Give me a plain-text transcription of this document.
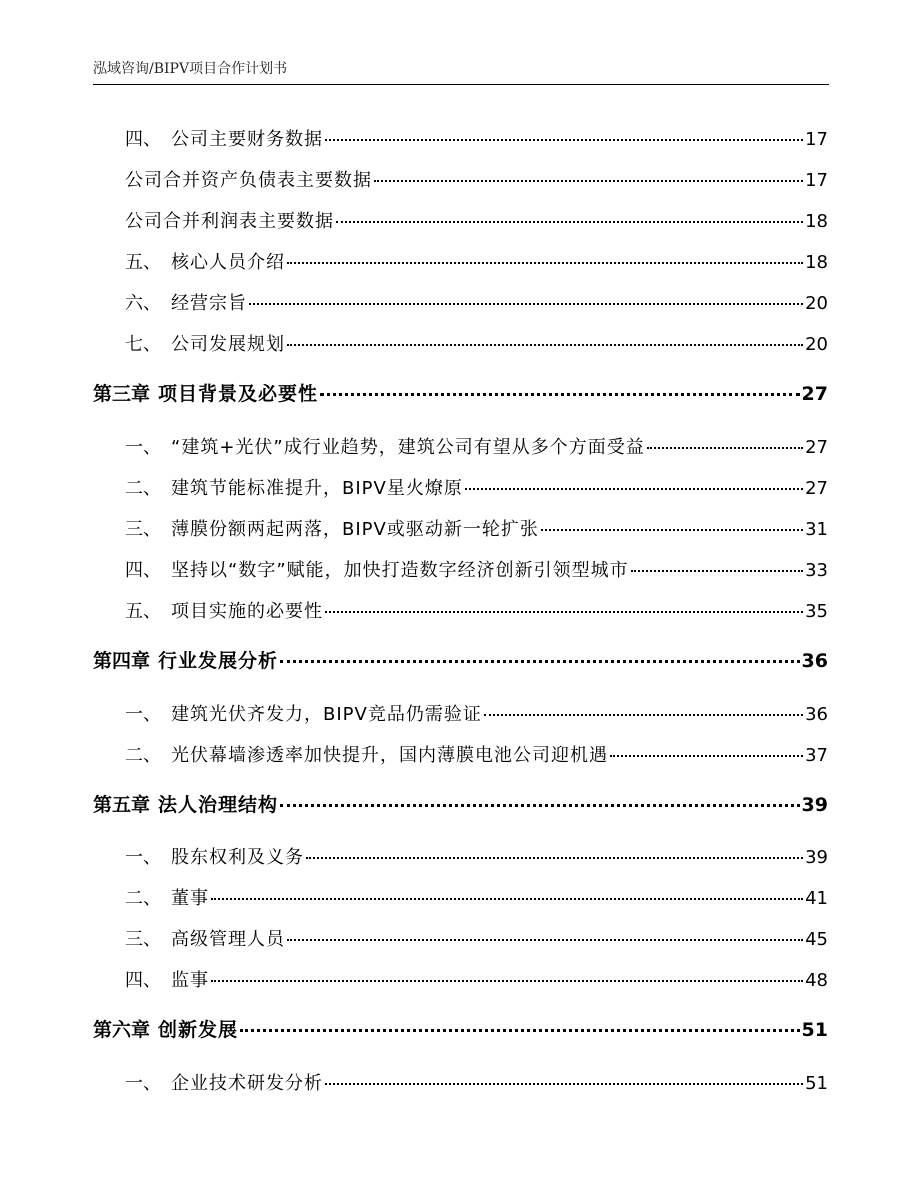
泓域咨询/BIPV项目合作计划书
四、 公司主要财务数据	17
公司合并资产负债表主要数据	17
公司合并利润表主要数据	18
五、 核心人员介绍	18
六、 经营宗旨	20
七、 公司发展规划	20
第三章 项目背景及必要性	27
一、 “建筑+光伏”成行业趋势，建筑公司有望从多个方面受益	27
二、 建筑节能标准提升，BIPV星火燎原	27
三、 薄膜份额两起两落，BIPV或驱动新一轮扩张	31
四、 坚持以“数字”赋能，加快打造数字经济创新引领型城市	33
五、 项目实施的必要性	35
第四章 行业发展分析	36
一、 建筑光伏齐发力，BIPV竞品仍需验证	36
二、 光伏幕墙渗透率加快提升，国内薄膜电池公司迎机遇	37
第五章 法人治理结构	39
一、 股东权利及义务	39
二、 董事	41
三、 高级管理人员	45
四、 监事	48
第六章 创新发展	51
一、 企业技术研发分析	51
